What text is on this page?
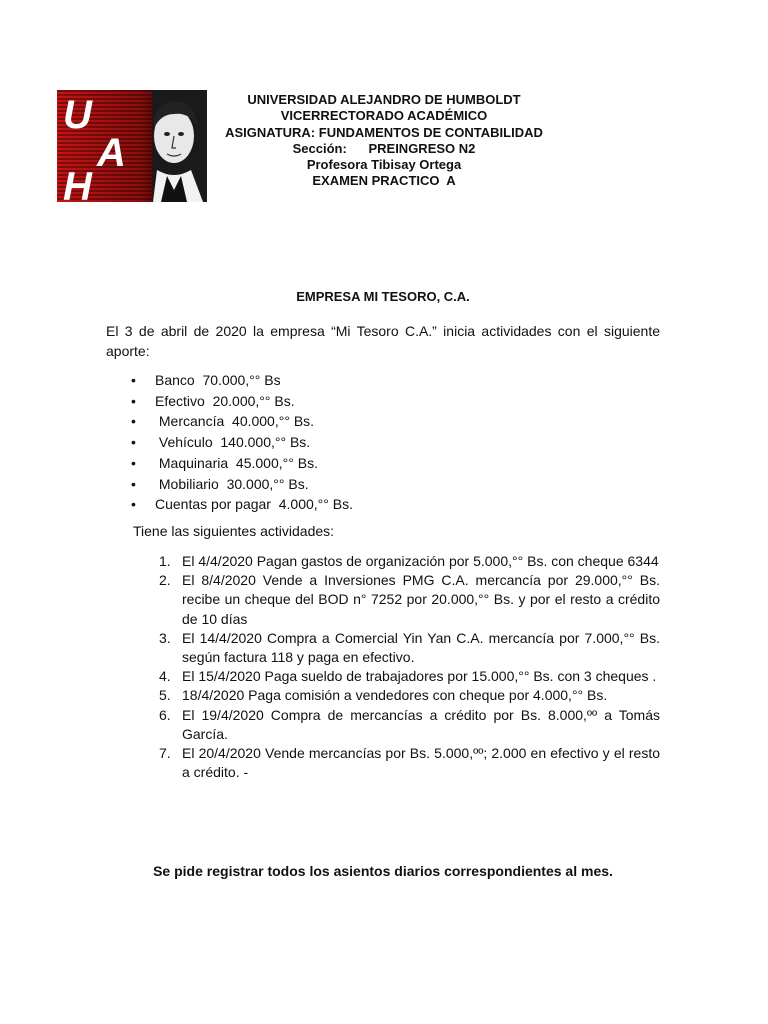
U
A
H
UNIVERSIDAD ALEJANDRO DE HUMBOLDT
VICERRECTORADO ACADÉMICO
ASIGNATURA: FUNDAMENTOS DE CONTABILIDAD
Sección:      PREINGRESO N2
Profesora Tibisay Ortega
EXAMEN PRACTICO  A
EMPRESA MI TESORO, C.A.
El 3 de abril de 2020 la empresa “Mi Tesoro C.A.” inicia actividades con el siguiente aporte:
• Banco  70.000,°° Bs
• Efectivo  20.000,°° Bs.
• Mercancía  40.000,°° Bs.
• Vehículo  140.000,°° Bs.
• Maquinaria  45.000,°° Bs.
• Mobiliario  30.000,°° Bs.
• Cuentas por pagar  4.000,°° Bs.
Tiene las siguientes actividades:
1. El 4/4/2020 Pagan gastos de organización por 5.000,°° Bs. con cheque 6344
2. El 8/4/2020 Vende a Inversiones PMG C.A. mercancía por 29.000,°° Bs. recibe un cheque del BOD n° 7252 por 20.000,°° Bs. y por el resto a crédito de 10 días
3. El 14/4/2020 Compra a Comercial Yin Yan C.A. mercancía por 7.000,°° Bs. según factura 118 y paga en efectivo.
4. El 15/4/2020 Paga sueldo de trabajadores por 15.000,°° Bs. con 3 cheques .
5. 18/4/2020 Paga comisión a vendedores con cheque por 4.000,°° Bs.
6. El 19/4/2020 Compra de mercancías a crédito por Bs. 8.000,ºº a Tomás García.
7. El 20/4/2020 Vende mercancías por Bs. 5.000,ºº; 2.000 en efectivo y el resto a crédito. -
Se pide registrar todos los asientos diarios correspondientes al mes.
